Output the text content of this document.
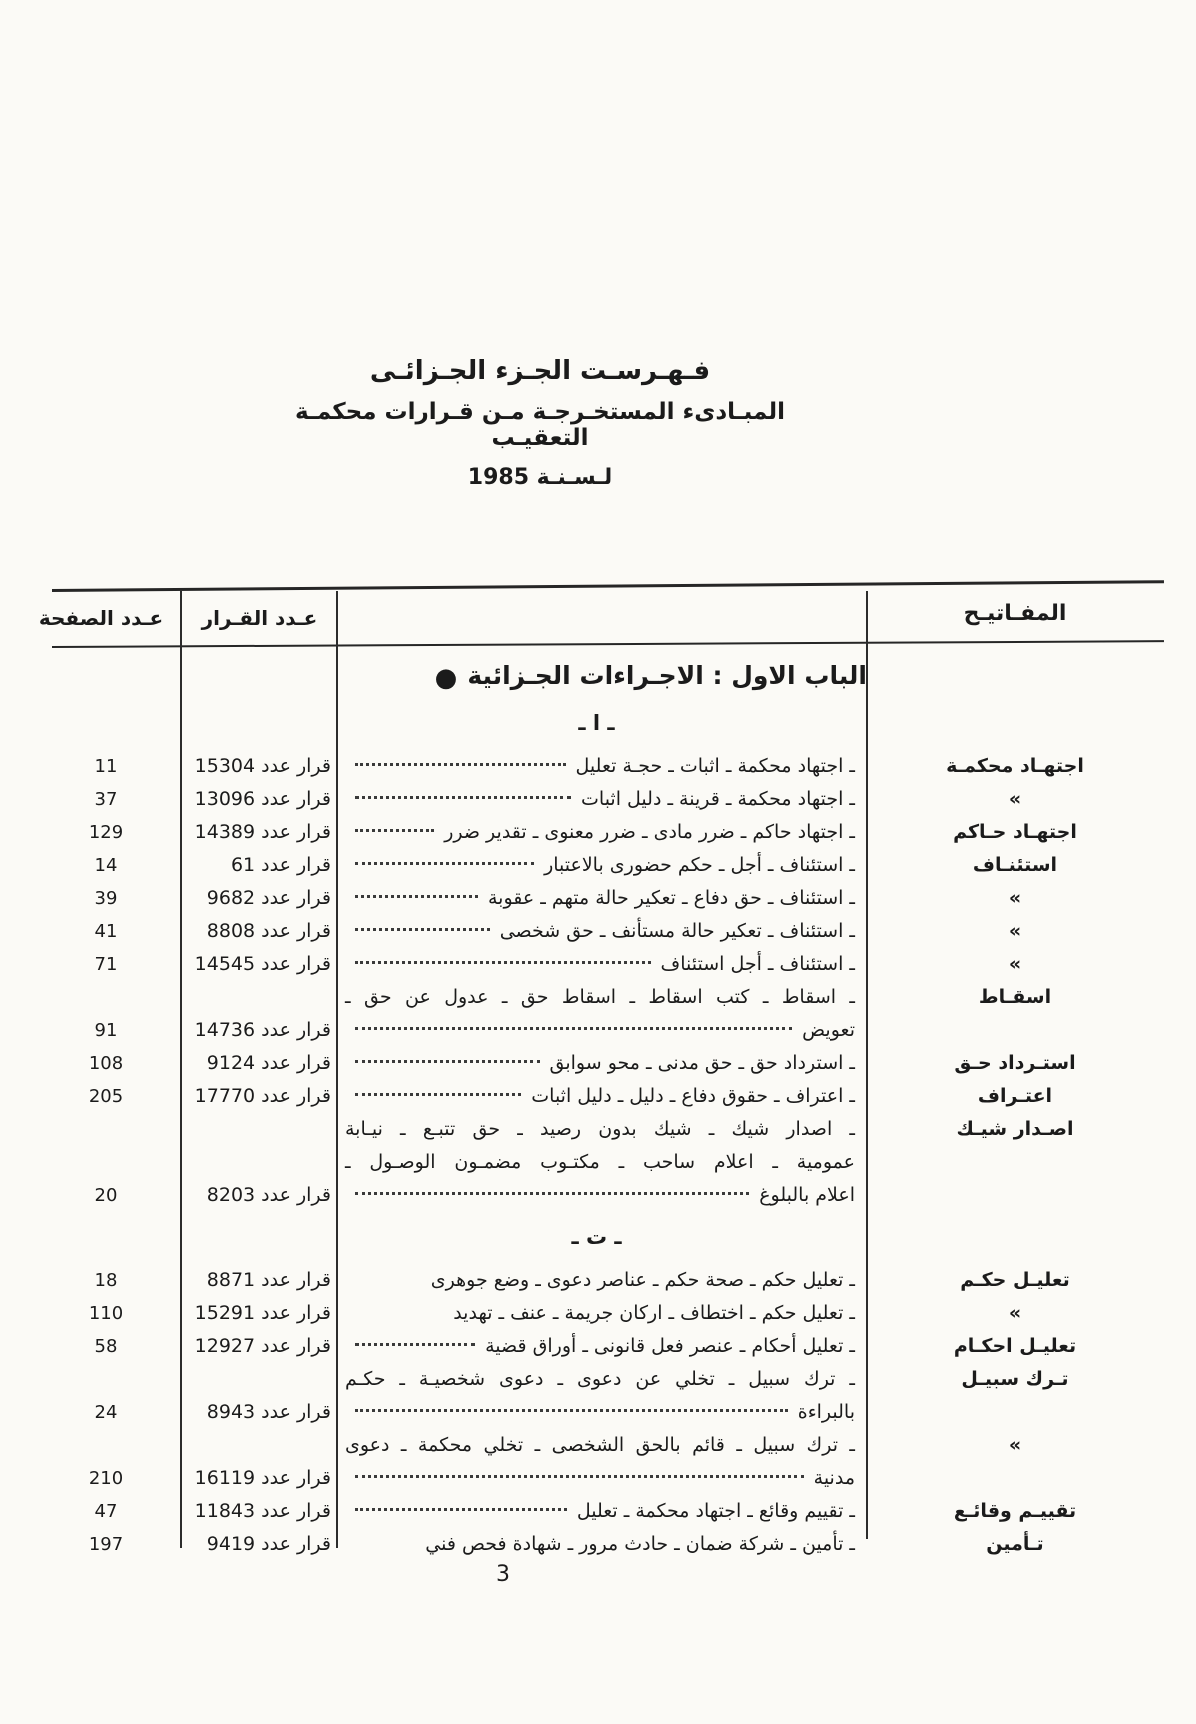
فـهـرسـت الجـزء الجـزائـى
المبـادىء المستخـرجـة مـن قـرارات محكمـة التعقيـب
لـسـنـة 1985
المفـاتيـح
عـدد القـرار
عـدد الصفحة
الباب الاول : الاجـراءات الجـزائية
●
ـ ا ـ
اجتهـاد محكمـة
ـ اجتهاد محكمة ـ اثبات ـ حجـة تعليل
قرار عدد 15304
11
»
ـ اجتهاد محكمة ـ قرينة ـ دليل اثبات
قرار عدد 13096
37
اجتهـاد حـاكم
ـ اجتهاد حاكم ـ ضرر مادى ـ ضرر معنوى ـ تقدير ضرر
قرار عدد 14389
129
استئنـاف
ـ استئناف ـ أجل ـ حكم حضورى بالاعتبار
قرار عدد 61
14
»
ـ استئناف ـ حق دفاع ـ تعكير حالة متهم ـ عقوبة
قرار عدد 9682
39
»
ـ استئناف ـ تعكير حالة مستأنف ـ حق شخصى
قرار عدد 8808
41
»
ـ استئناف ـ أجل استئناف
قرار عدد 14545
71
اسقـاط
ـ اسقاط ـ كتب اسقاط ـ اسقاط حق ـ عدول عن حق ـ
تعويض
قرار عدد 14736
91
استـرداد حـق
ـ استرداد حق ـ حق مدنى ـ محو سوابق
قرار عدد 9124
108
اعتـراف
ـ اعتراف ـ حقوق دفاع ـ دليل ـ دليل اثبات
قرار عدد 17770
205
اصـدار شيـك
ـ اصدار شيك ـ شيك بدون رصيد ـ حق تتبـع ـ نيـابة
عمومية ـ اعلام ساحب ـ مكتـوب مضمـون الوصـول ـ
اعلام بالبلوغ
قرار عدد 8203
20
ـ ت ـ
تعليـل حكـم
ـ تعليل حكم ـ صحة حكم ـ عناصر دعوى ـ وضع جوهرى
قرار عدد 8871
18
»
ـ تعليل حكم ـ اختطاف ـ اركان جريمة ـ عنف ـ تهديد
قرار عدد 15291
110
تعليـل احكـام
ـ تعليل أحكام ـ عنصر فعل قانونى ـ أوراق قضية
قرار عدد 12927
58
تـرك سبيـل
ـ ترك سبيل ـ تخلي عن دعوى ـ دعوى شخصيـة ـ حكـم
بالبراءة
قرار عدد 8943
24
»
ـ ترك سبيل ـ قائم بالحق الشخصى ـ تخلي محكمة ـ دعوى
مدنية
قرار عدد 16119
210
تقييـم وقائـع
ـ تقييم وقائع ـ اجتهاد محكمة ـ تعليل
قرار عدد 11843
47
تـأمين
ـ تأمين ـ شركة ضمان ـ حادث مرور ـ شهادة فحص فني
قرار عدد 9419
197
3
